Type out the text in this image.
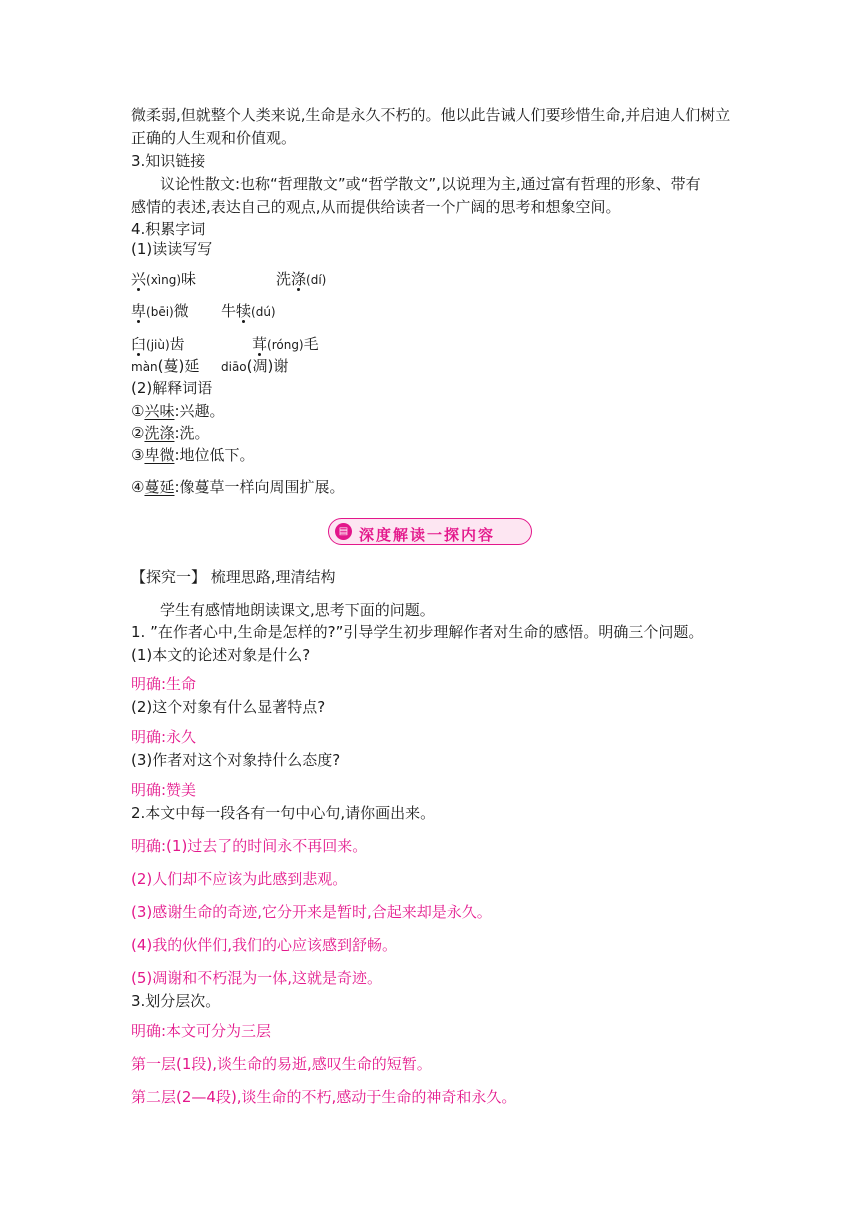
微柔弱,但就整个人类来说,生命是永久不朽的。他以此告诫人们要珍惜生命,并启迪人们树立
正确的人生观和价值观。
3.知识链接
议论性散文:也称“哲理散文”或“哲学散文”,以说理为主,通过富有哲理的形象、带有
感情的表述,表达自己的观点,从而提供给读者一个广阔的思考和想象空间。
4.积累字词
(1)读读写写
兴(xìng)味	洗涤(dí)
卑(bēi)微 牛犊(dú)
臼(jiù)齿	茸(róng)毛
màn(蔓)延 diāo(凋)谢
(2)解释词语
①兴味:兴趣。
②洗涤:洗。
③卑微:地位低下。
④蔓延:像蔓草一样向周围扩展。
▤ 深度解读一探内容
【探究一】 梳理思路,理清结构
学生有感情地朗读课文,思考下面的问题。
1. ”在作者心中,生命是怎样的?”引导学生初步理解作者对生命的感悟。明确三个问题。
(1)本文的论述对象是什么?
明确:生命
(2)这个对象有什么显著特点?
明确:永久
(3)作者对这个对象持什么态度?
明确:赞美
2.本文中每一段各有一句中心句,请你画出来。
明确:(1)过去了的时间永不再回来。
(2)人们却不应该为此感到悲观。
(3)感谢生命的奇迹,它分开来是暂时,合起来却是永久。
(4)我的伙伴们,我们的心应该感到舒畅。
(5)凋谢和不朽混为一体,这就是奇迹。
3.划分层次。
明确:本文可分为三层
第一层(1段),谈生命的易逝,感叹生命的短暂。
第二层(2—4段),谈生命的不朽,感动于生命的神奇和永久。
